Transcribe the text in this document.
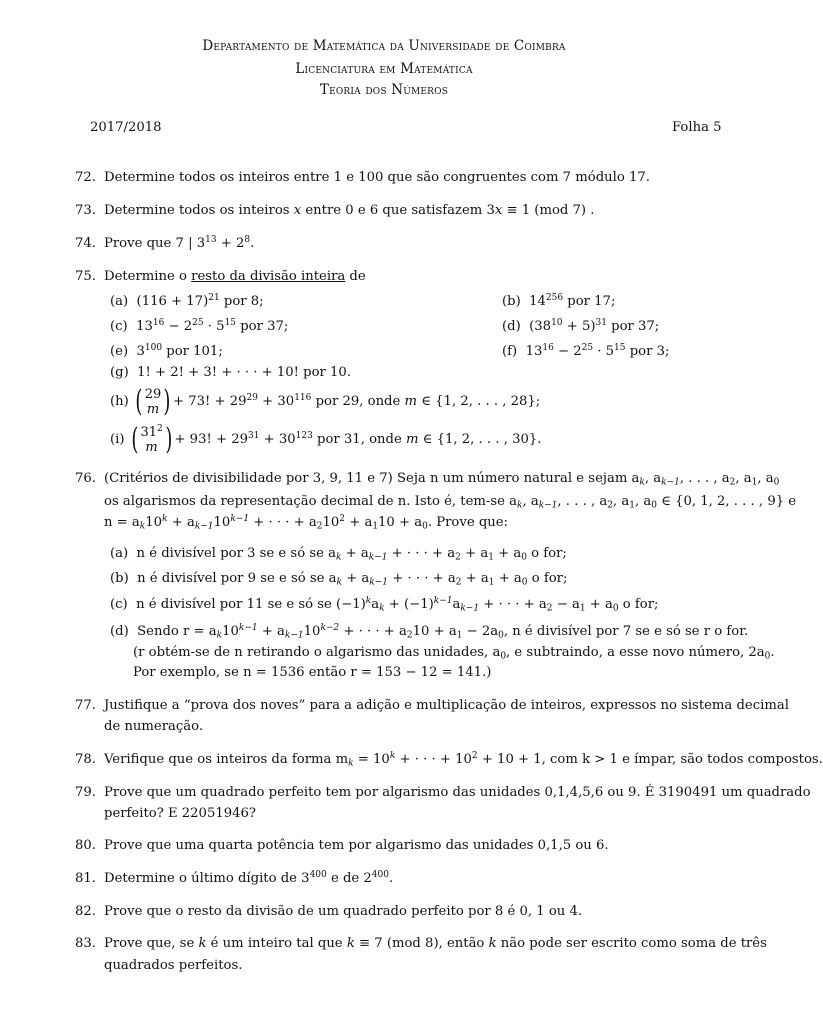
Departamento de Matemática da Universidade de Coimbra
Licenciatura em Matemática
Teoria dos Números
2017/2018	Folha 5
72. Determine todos os inteiros entre 1 e 100 que são congruentes com 7 módulo 17.
73. Determine todos os inteiros x entre 0 e 6 que satisfazem 3x ≡ 1 (mod 7) .
74. Prove que 7 | $3^{13} + 2^8$.
75. Determine o resto da divisão inteira de
(a) $(116 + 17)^{21}$ por 8;	(b) $14^{256}$ por 17;
(c) $13^{16} - 2^{25} \cdot 5^{15}$ por 37;	(d) $(38^{10} + 5)^{31}$ por 37;
(e) $3^{100}$ por 101;	(f) $13^{16} - 2^{25} \cdot 5^{15}$ por 3;
(g) 1! + 2! + 3! + · · · + 10! por 10.
(h)
( 29
m ) + 73! + $29^{29} + 30^{116}$ por 29, onde m ∈ {1, 2, . . . , 28};
(i)
( $31^2$
m ) + 93! + $29^{31} + 30^{123}$ por 31, onde m ∈ {1, 2, . . . , 30}.
76. (Critérios de divisibilidade por 3, 9, 11 e 7) Seja n um número natural e sejam $a_k$, $a_{k-1}$, . . . , $a_2$, $a_1$, $a_0$
os algarismos da representação decimal de n. Isto é, tem-se $a_k$, $a_{k-1}$, . . . , $a_2$, $a_1$, $a_0$ ∈ {0, 1, 2, . . . , 9} e
$n = a_k10^k + a_{k-1}10^{k-1}$ + · · · + $a_210^2 + a_110 + a_0$. Prove que:
(a) n é divisível por 3 se e só se $a_k + a_{k-1}$ + · · · + $a_2 + a_1 + a_0$ o for;
(b) n é divisível por 9 se e só se $a_k + a_{k-1}$ + · · · + $a_2 + a_1 + a_0$ o for;
(c) n é divisível por 11 se e só se $(-1)^ka_k + (-1)^{k-1}a_{k-1}$ + · · · + $a_2 - a_1 + a_0$ o for;
(d) Sendo $r = a_k10^{k-1} + a_{k-1}10^{k-2}$ + · · · + $a_210 + a_1 - 2a_0$, n é divisível por 7 se e só se r o for.
(r obtém-se de n retirando o algarismo das unidades, $a_0$, e subtraindo, a esse novo número, $2a_0$.
Por exemplo, se n = 1536 então r = 153 − 12 = 141.)
77. Justifique a “prova dos noves” para a adição e multiplicação de inteiros, expressos no sistema decimal
de numeração.
78. Verifique que os inteiros da forma $m_k = 10^k$ + · · · + $10^2 + 10 + 1$, com k > 1 e ímpar, são todos compostos.
79. Prove que um quadrado perfeito tem por algarismo das unidades 0,1,4,5,6 ou 9. É 3190491 um quadrado
perfeito? E 22051946?
80. Prove que uma quarta potência tem por algarismo das unidades 0,1,5 ou 6.
81. Determine o último dígito de $3^{400}$ e de $2^{400}$.
82. Prove que o resto da divisão de um quadrado perfeito por 8 é 0, 1 ou 4.
83. Prove que, se k é um inteiro tal que k ≡ 7 (mod 8), então k não pode ser escrito como soma de três
quadrados perfeitos.
